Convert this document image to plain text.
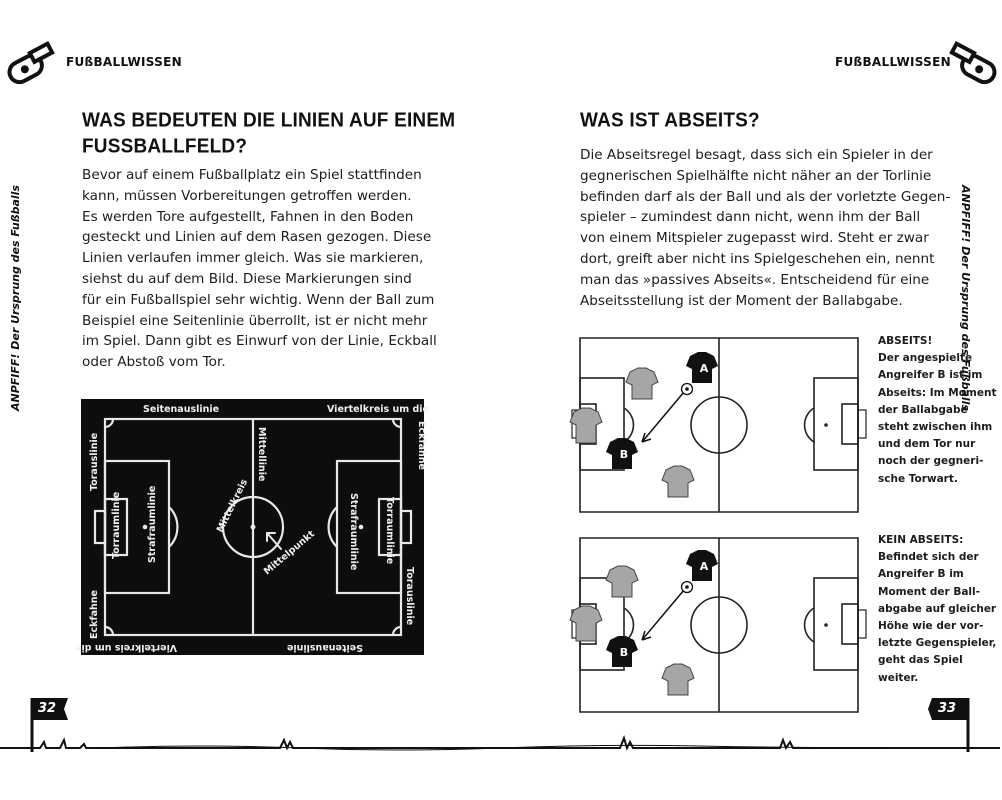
FUßBALLWISSEN
ANPFIFF! Der Ursprung des Fußballs
WAS BEDEUTEN DIE LINIEN AUF EINEM
FUSSBALLFELD?
Bevor auf einem Fußballplatz ein Spiel stattfinden
kann, müssen Vorbereitungen getroffen werden.
Es werden Tore aufgestellt, Fahnen in den Boden
gesteckt und Linien auf dem Rasen gezogen. Diese
Linien verlaufen immer gleich. Was sie markieren,
siehst du auf dem Bild. Diese Markierungen sind
für ein Fußballspiel sehr wichtig. Wenn der Ball zum
Beispiel eine Seitenlinie überrollt, ist er nicht mehr
im Spiel. Dann gibt es Einwurf von der Linie, Eckball
oder Abstoß vom Tor.
Seitenauslinie	Viertelkreis um die
Eckfahne
Torauslinie
Torraumlinie	Strafraumlinie	Mittelkreis
Mittellinie
Mittelpunkt	Strafraumlinie	Torraumlinie
Torauslinie
Eckfahne
Viertelkreis um die	Seitenauslinie
32
FUßBALLWISSEN
ANPFIFF! Der Ursprung des Fußballs
WAS IST ABSEITS?
Die Abseitsregel besagt, dass sich ein Spieler in der
gegnerischen Spielhälfte nicht näher an der Torlinie
befinden darf als der Ball und als der vorletzte Gegen-
spieler – zumindest dann nicht, wenn ihm der Ball
von einem Mitspieler zugepasst wird. Steht er zwar
dort, greift aber nicht ins Spielgeschehen ein, nennt
man das »passives Abseits«. Entscheidend für eine
Abseitsstellung ist der Moment der Ballabgabe.
A
B
ABSEITS!
Der angespielte
Angreifer B ist im
Abseits: Im Moment
der Ballabgabe
steht zwischen ihm
und dem Tor nur
noch der gegneri-
sche Torwart.
A
B
KEIN ABSEITS:
Befindet sich der
Angreifer B im
Moment der Ball-
abgabe auf gleicher
Höhe wie der vor-
letzte Gegenspieler,
geht das Spiel
weiter.
33
